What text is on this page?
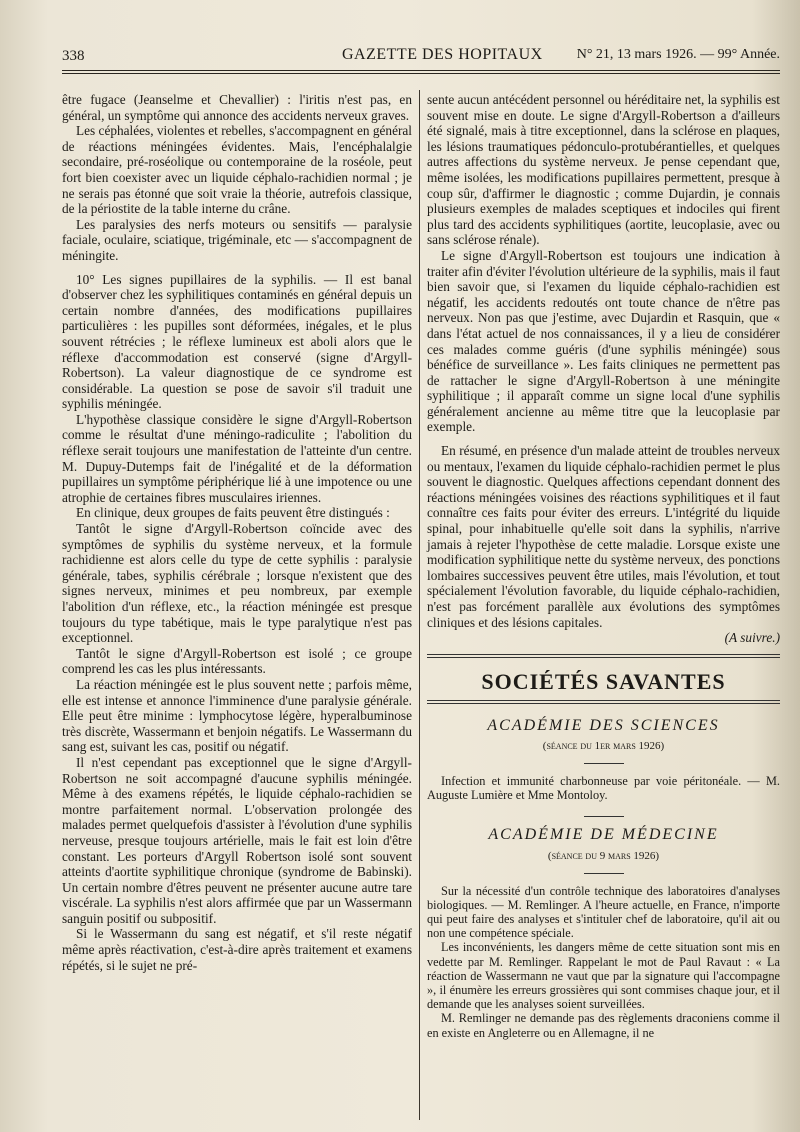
338	GAZETTE DES HOPITAUX N° 21, 13 mars 1926. — 99° Année.

être fugace (Jeanselme et Chevallier) : l'iritis n'est pas, en général, un symptôme qui annonce des accidents nerveux graves.

Les céphalées, violentes et rebelles, s'accompagnent en général de réactions méningées évidentes. Mais, l'encéphalalgie secondaire, pré-roséolique ou contemporaine de la roséole, peut fort bien coexister avec un liquide céphalo-rachidien normal ; je ne serais pas étonné que soit vraie la théorie, autrefois classique, de la périostite de la table interne du crâne.

Les paralysies des nerfs moteurs ou sensitifs — paralysie faciale, oculaire, sciatique, trigéminale, etc — s'accompagnent de méningite.

10° Les signes pupillaires de la syphilis. — Il est banal d'observer chez les syphilitiques contaminés en général depuis un certain nombre d'années, des modifications pupillaires particulières : les pupilles sont déformées, inégales, et le plus souvent rétrécies ; le réflexe lumineux est aboli alors que le réflexe d'accommodation est conservé (signe d'Argyll-Robertson). La valeur diagnostique de ce syndrome est considérable. La question se pose de savoir s'il traduit une syphilis méningée.

L'hypothèse classique considère le signe d'Argyll-Robertson comme le résultat d'une méningo-radiculite ; l'abolition du réflexe serait toujours une manifestation de l'atteinte d'un centre. M. Dupuy-Dutemps fait de l'inégalité et de la déformation pupillaires un symptôme périphérique lié à une impotence ou une atrophie de certaines fibres musculaires iriennes.

En clinique, deux groupes de faits peuvent être distingués :

Tantôt le signe d'Argyll-Robertson coïncide avec des symptômes de syphilis du système nerveux, et la formule rachidienne est alors celle du type de cette syphilis : paralysie générale, tabes, syphilis cérébrale ; lorsque n'existent que des signes nerveux, minimes et peu nombreux, par exemple l'abolition d'un réflexe, etc., la réaction méningée est presque toujours du type tabétique, mais le type paralytique n'est pas exceptionnel.

Tantôt le signe d'Argyll-Robertson est isolé ; ce groupe comprend les cas les plus intéressants.

La réaction méningée est le plus souvent nette ; parfois même, elle est intense et annonce l'imminence d'une paralysie générale. Elle peut être minime : lymphocytose légère, hyperalbuminose très discrète, Wassermann et benjoin négatifs. Le Wassermann du sang est, suivant les cas, positif ou négatif.

Il n'est cependant pas exceptionnel que le signe d'Argyll-Robertson ne soit accompagné d'aucune syphilis méningée. Même à des examens répétés, le liquide céphalo-rachidien se montre parfaitement normal. L'observation prolongée des malades permet quelquefois d'assister à l'évolution d'une syphilis nerveuse, presque toujours artérielle, mais le fait est loin d'être constant. Les porteurs d'Argyll Robertson isolé sont souvent atteints d'aortite syphilitique chronique (syndrome de Babinski). Un certain nombre d'êtres peuvent ne présenter aucune autre tare viscérale. La syphilis n'est alors affirmée que par un Wassermann sanguin positif ou subpositif.

Si le Wassermann du sang est négatif, et s'il reste négatif même après réactivation, c'est-à-dire après traitement et examens répétés, si le sujet ne pré-

sente aucun antécédent personnel ou héréditaire net, la syphilis est souvent mise en doute. Le signe d'Argyll-Robertson a d'ailleurs été signalé, mais à titre exceptionnel, dans la sclérose en plaques, les lésions traumatiques pédonculo-protubérantielles, et quelques autres affections du système nerveux. Je pense cependant que, même isolées, les modifications pupillaires permettent, presque à coup sûr, d'affirmer le diagnostic ; comme Dujardin, je connais plusieurs exemples de malades sceptiques et indociles qui firent plus tard des accidents syphilitiques (aortite, leucoplasie, avec ou sans sclérose rénale).

Le signe d'Argyll-Robertson est toujours une indication à traiter afin d'éviter l'évolution ultérieure de la syphilis, mais il faut bien savoir que, si l'examen du liquide céphalo-rachidien est négatif, les accidents redoutés ont toute chance de n'être pas nerveux. Non pas que j'estime, avec Dujardin et Rasquin, que « dans l'état actuel de nos connaissances, il y a lieu de considérer ces malades comme guéris (d'une syphilis méningée) sous bénéfice de surveillance ». Les faits cliniques ne permettent pas de rattacher le signe d'Argyll-Robertson à une méningite syphilitique ; il apparaît comme un signe local d'une syphilis généralement ancienne au même titre que la leucoplasie par exemple.

En résumé, en présence d'un malade atteint de troubles nerveux ou mentaux, l'examen du liquide céphalo-rachidien permet le plus souvent le diagnostic. Quelques affections cependant donnent des réactions méningées voisines des réactions syphilitiques et il faut connaître ces faits pour éviter des erreurs. L'intégrité du liquide spinal, pour inhabituelle qu'elle soit dans la syphilis, n'arrive jamais à rejeter l'hypothèse de cette maladie. Lorsque existe une modification syphilitique nette du système nerveux, des ponctions lombaires successives peuvent être utiles, mais l'évolution, et tout spécialement l'évolution favorable, du liquide céphalo-rachidien, n'est pas forcément parallèle aux évolutions des symptômes cliniques et des lésions capitales.

(A suivre.)

SOCIÉTÉS SAVANTES
ACADÉMIE DES SCIENCES
(séance du 1er mars 1926)

Infection et immunité charbonneuse par voie péritonéale. — M. Auguste Lumière et Mme Montoloy.

ACADÉMIE DE MÉDECINE
(séance du 9 mars 1926)

Sur la nécessité d'un contrôle technique des laboratoires d'analyses biologiques. — M. Remlinger. A l'heure actuelle, en France, n'importe qui peut faire des analyses et s'intituler chef de laboratoire, qu'il ait ou non une compétence spéciale.

Les inconvénients, les dangers même de cette situation sont mis en vedette par M. Remlinger. Rappelant le mot de Paul Ravaut : « La réaction de Wassermann ne vaut que par la signature qui l'accompagne », il énumère les erreurs grossières qui sont commises chaque jour, et il demande que les analyses soient surveillées.

M. Remlinger ne demande pas des règlements draconiens comme il en existe en Angleterre ou en Allemagne, il ne
